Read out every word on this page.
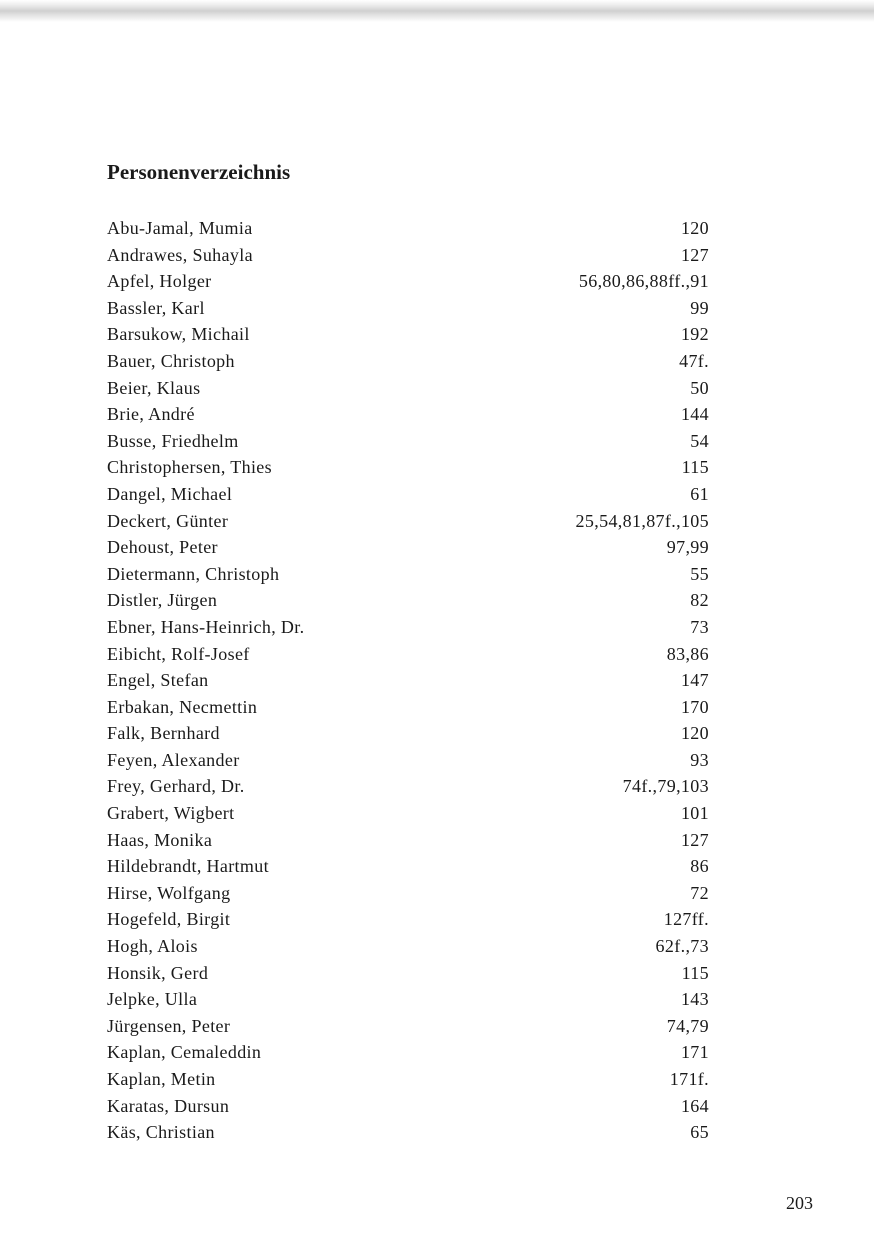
Personenverzeichnis
Abu-Jamal, Mumia	120
Andrawes, Suhayla	127
Apfel, Holger	56,80,86,88ff.,91
Bassler, Karl	99
Barsukow, Michail	192
Bauer, Christoph	47f.
Beier, Klaus	50
Brie, André	144
Busse, Friedhelm	54
Christophersen, Thies	115
Dangel, Michael	61
Deckert, Günter	25,54,81,87f.,105
Dehoust, Peter	97,99
Dietermann, Christoph	55
Distler, Jürgen	82
Ebner, Hans-Heinrich, Dr.	73
Eibicht, Rolf-Josef	83,86
Engel, Stefan	147
Erbakan, Necmettin	170
Falk, Bernhard	120
Feyen, Alexander	93
Frey, Gerhard, Dr.	74f.,79,103
Grabert, Wigbert	101
Haas, Monika	127
Hildebrandt, Hartmut	86
Hirse, Wolfgang	72
Hogefeld, Birgit	127ff.
Hogh, Alois	62f.,73
Honsik, Gerd	115
Jelpke, Ulla	143
Jürgensen, Peter	74,79
Kaplan, Cemaleddin	171
Kaplan, Metin	171f.
Karatas, Dursun	164
Käs, Christian	65
203
